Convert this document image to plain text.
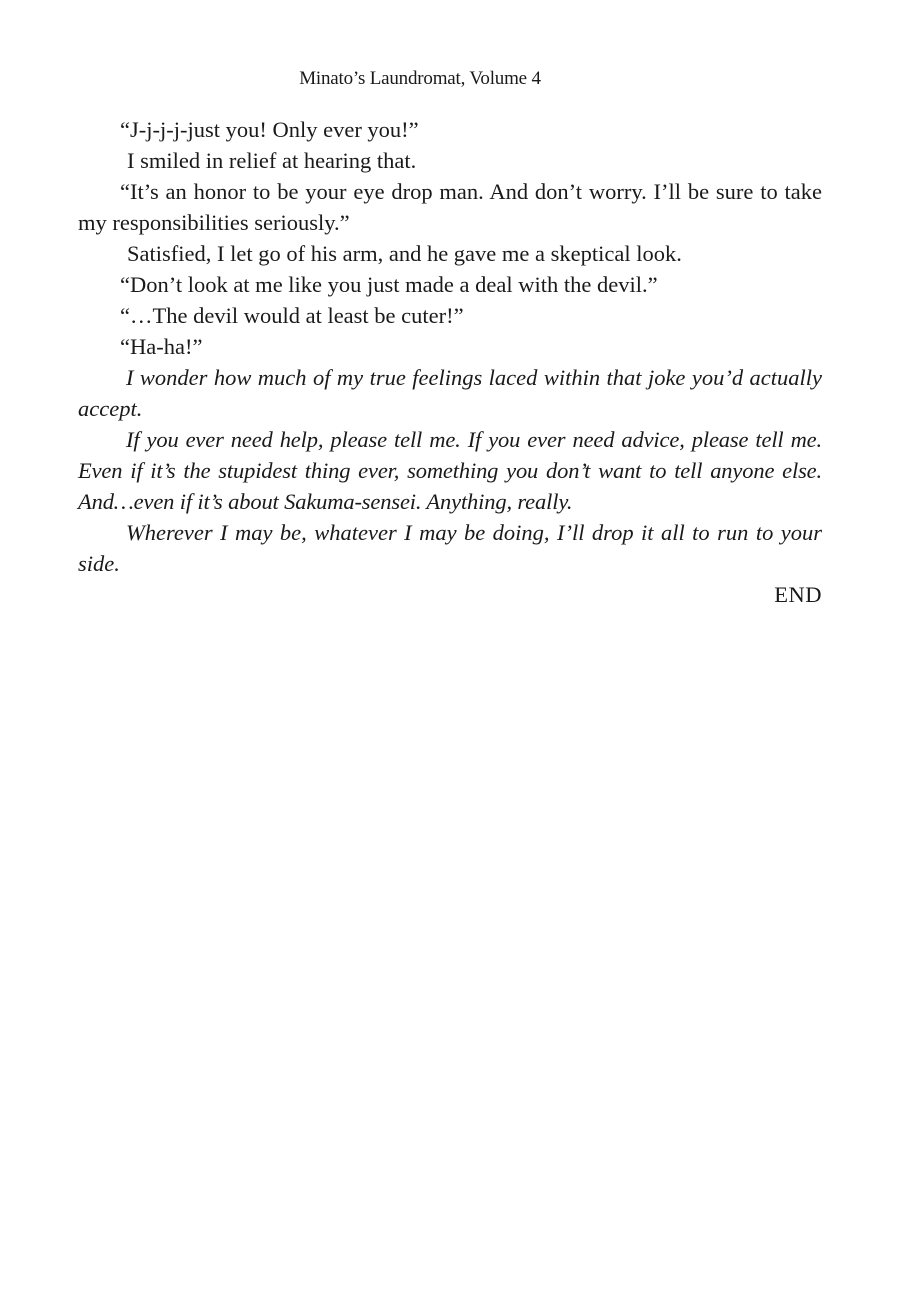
Minato’s Laundromat, Volume 4

“J-j-j-j-just you! Only ever you!”

I smiled in relief at hearing that.

“It’s an honor to be your eye drop man. And don’t worry. I’ll be sure to take my responsibilities seriously.”

Satisfied, I let go of his arm, and he gave me a skeptical look.

“Don’t look at me like you just made a deal with the devil.”

“…The devil would at least be cuter!”

“Ha-ha!”

I wonder how much of my true feelings laced within that joke you’d actually accept.

If you ever need help, please tell me. If you ever need advice, please tell me. Even if it’s the stupidest thing ever, something you don’t want to tell anyone else. And…even if it’s about Sakuma-sensei. Anything, really.

Wherever I may be, whatever I may be doing, I’ll drop it all to run to your side.

END
